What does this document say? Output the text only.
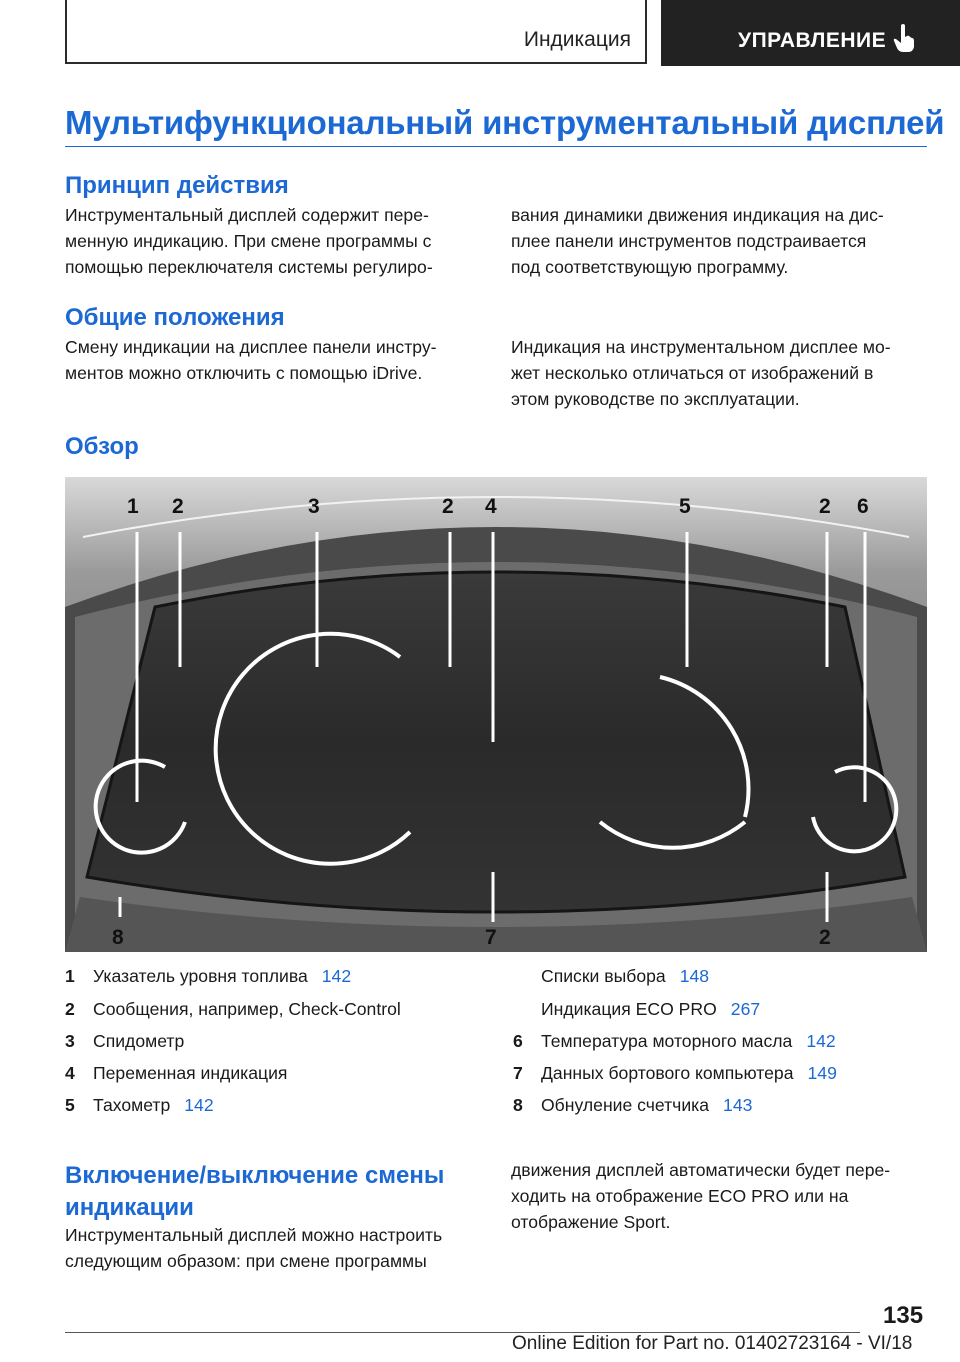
Индикация	УПРАВЛЕНИЕ
Мультифункциональный инструментальный дисплей
Принцип действия
Инструментальный дисплей содержит пере‐
менную индикацию. При смене программы с
помощью переключателя системы регулиро‐
вания динамики движения индикация на дис‐
плее панели инструментов подстраивается
под соответствующую программу.
Общие положения
Смену индикации на дисплее панели инстру‐
ментов можно отключить с помощью iDrive.
Индикация на инструментальном дисплее мо‐
жет несколько отличаться от изображений в
этом руководстве по эксплуатации.
Обзор
1 2	3	2 4	5	2 6
8	7	2
1 Указатель уровня топлива 142
2 Сообщения, например, Check-Control
3 Спидометр
4 Переменная индикация
5 Тахометр 142
Списки выбора 148
Индикация ECO PRO 267
6 Температура моторного масла 142
7 Данных бортового компьютера 149
8 Обнуление счетчика 143
Включение/выключение смены
индикации
Инструментальный дисплей можно настроить
следующим образом: при смене программы
движения дисплей автоматически будет пере‐
ходить на отображение ECO PRO или на
отображение Sport.
135
Online Edition for Part no. 01402723164 - VI/18
